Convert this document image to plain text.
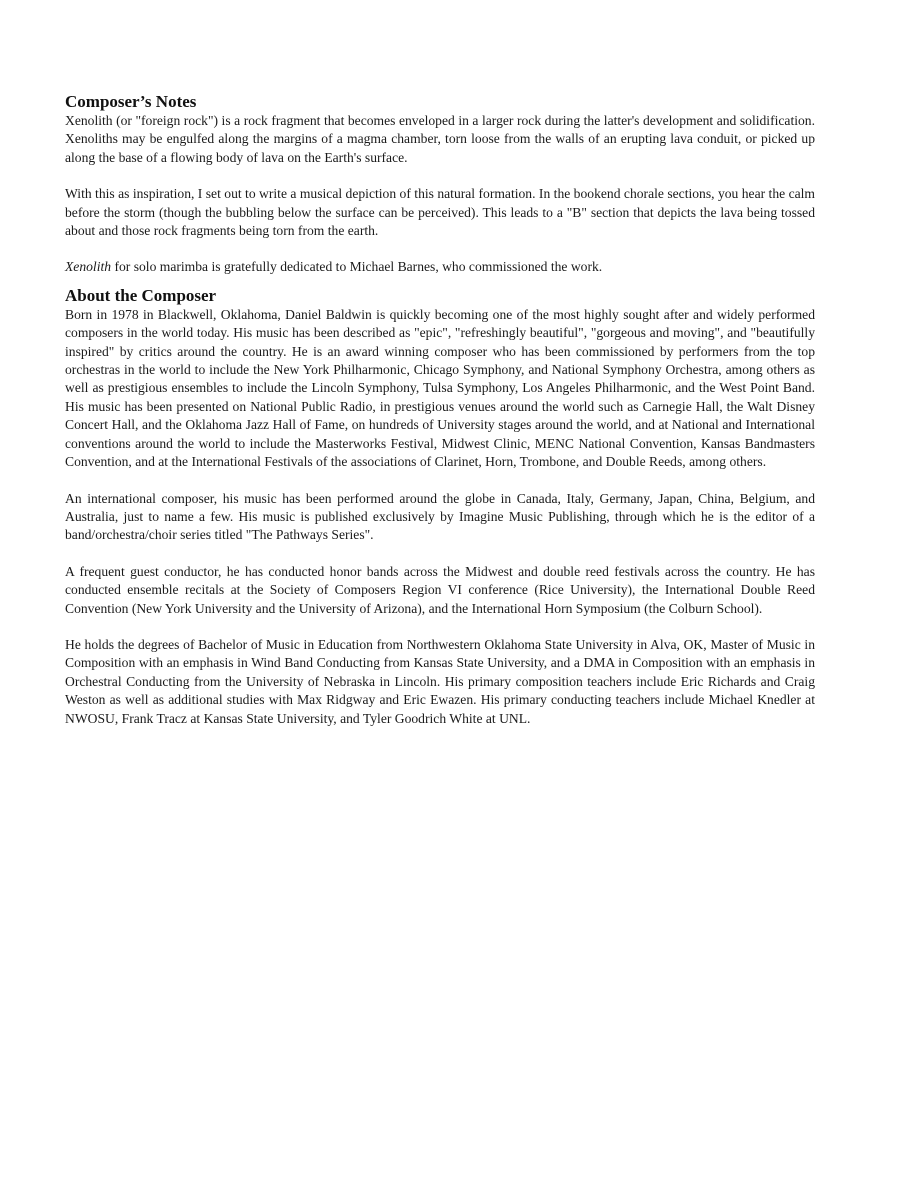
Composer’s Notes

Xenolith (or "foreign rock") is a rock fragment that becomes enveloped in a larger rock during the latter's development and solidification. Xenoliths may be engulfed along the margins of a magma chamber, torn loose from the walls of an erupting lava conduit, or picked up along the base of a flowing body of lava on the Earth's surface.

With this as inspiration, I set out to write a musical depiction of this natural formation. In the bookend chorale sections, you hear the calm before the storm (though the bubbling below the surface can be perceived). This leads to a "B" section that depicts the lava being tossed about and those rock fragments being torn from the earth.

Xenolith for solo marimba is gratefully dedicated to Michael Barnes, who commissioned the work.

About the Composer

Born in 1978 in Blackwell, Oklahoma, Daniel Baldwin is quickly becoming one of the most highly sought after and widely performed composers in the world today. His music has been described as "epic", "refreshingly beautiful", "gorgeous and moving", and "beautifully inspired" by critics around the country. He is an award winning composer who has been commissioned by performers from the top orchestras in the world to include the New York Philharmonic, Chicago Symphony, and National Symphony Orchestra, among others as well as prestigious ensembles to include the Lincoln Symphony, Tulsa Symphony, Los Angeles Philharmonic, and the West Point Band. His music has been presented on National Public Radio, in prestigious venues around the world such as Carnegie Hall, the Walt Disney Concert Hall, and the Oklahoma Jazz Hall of Fame, on hundreds of University stages around the world, and at National and International conventions around the world to include the Masterworks Festival, Midwest Clinic, MENC National Convention, Kansas Bandmasters Convention, and at the International Festivals of the associations of Clarinet, Horn, Trombone, and Double Reeds, among others.

An international composer, his music has been performed around the globe in Canada, Italy, Germany, Japan, China, Belgium, and Australia, just to name a few. His music is published exclusively by Imagine Music Publishing, through which he is the editor of a band/orchestra/choir series titled "The Pathways Series".

A frequent guest conductor, he has conducted honor bands across the Midwest and double reed festivals across the country. He has conducted ensemble recitals at the Society of Composers Region VI conference (Rice University), the International Double Reed Convention (New York University and the University of Arizona), and the International Horn Symposium (the Colburn School).

He holds the degrees of Bachelor of Music in Education from Northwestern Oklahoma State University in Alva, OK, Master of Music in Composition with an emphasis in Wind Band Conducting from Kansas State University, and a DMA in Composition with an emphasis in Orchestral Conducting from the University of Nebraska in Lincoln. His primary composition teachers include Eric Richards and Craig Weston as well as additional studies with Max Ridgway and Eric Ewazen. His primary conducting teachers include Michael Knedler at NWOSU, Frank Tracz at Kansas State University, and Tyler Goodrich White at UNL.
